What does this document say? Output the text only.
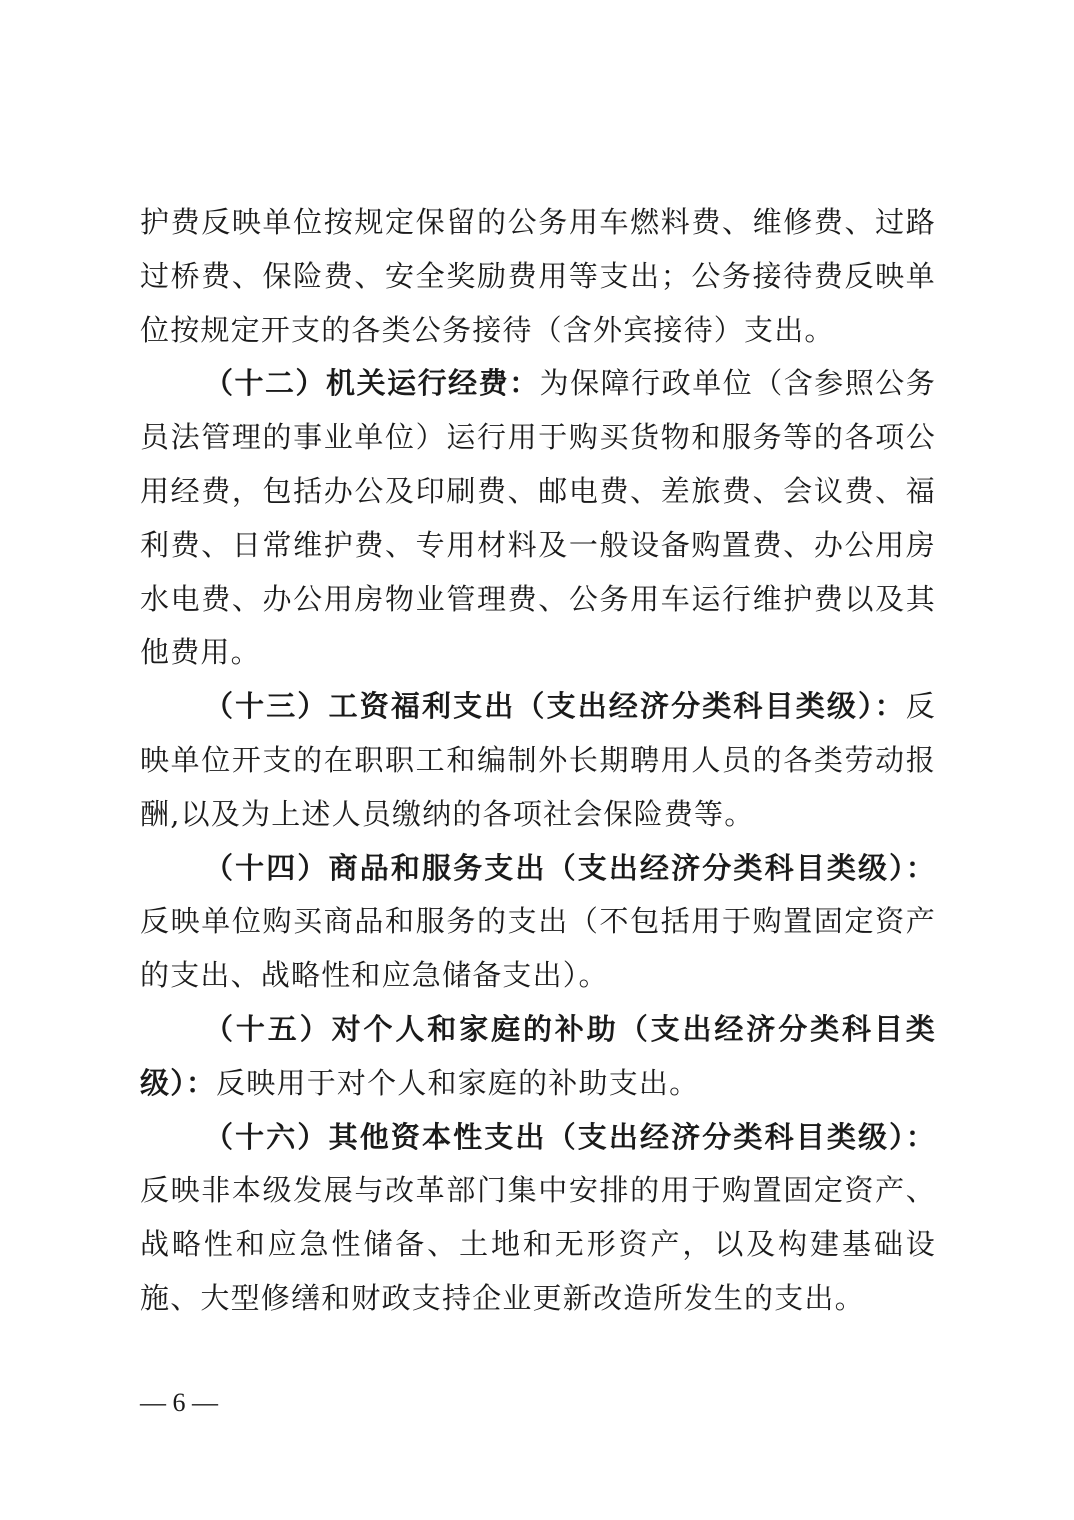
护费反映单位按规定保留的公务用车燃料费、维修费、过路过桥费、保险费、安全奖励费用等支出；公务接待费反映单位按规定开支的各类公务接待（含外宾接待）支出。

（十二）机关运行经费：为保障行政单位（含参照公务员法管理的事业单位）运行用于购买货物和服务等的各项公用经费，包括办公及印刷费、邮电费、差旅费、会议费、福利费、日常维护费、专用材料及一般设备购置费、办公用房水电费、办公用房物业管理费、公务用车运行维护费以及其他费用。

（十三）工资福利支出（支出经济分类科目类级）：反映单位开支的在职职工和编制外长期聘用人员的各类劳动报酬,以及为上述人员缴纳的各项社会保险费等。

（十四）商品和服务支出（支出经济分类科目类级）：反映单位购买商品和服务的支出（不包括用于购置固定资产的支出、战略性和应急储备支出）。

（十五）对个人和家庭的补助（支出经济分类科目类级）：反映用于对个人和家庭的补助支出。

（十六）其他资本性支出（支出经济分类科目类级）：反映非本级发展与改革部门集中安排的用于购置固定资产、战略性和应急性储备、土地和无形资产，以及构建基础设施、大型修缮和财政支持企业更新改造所发生的支出。

— 6 —
